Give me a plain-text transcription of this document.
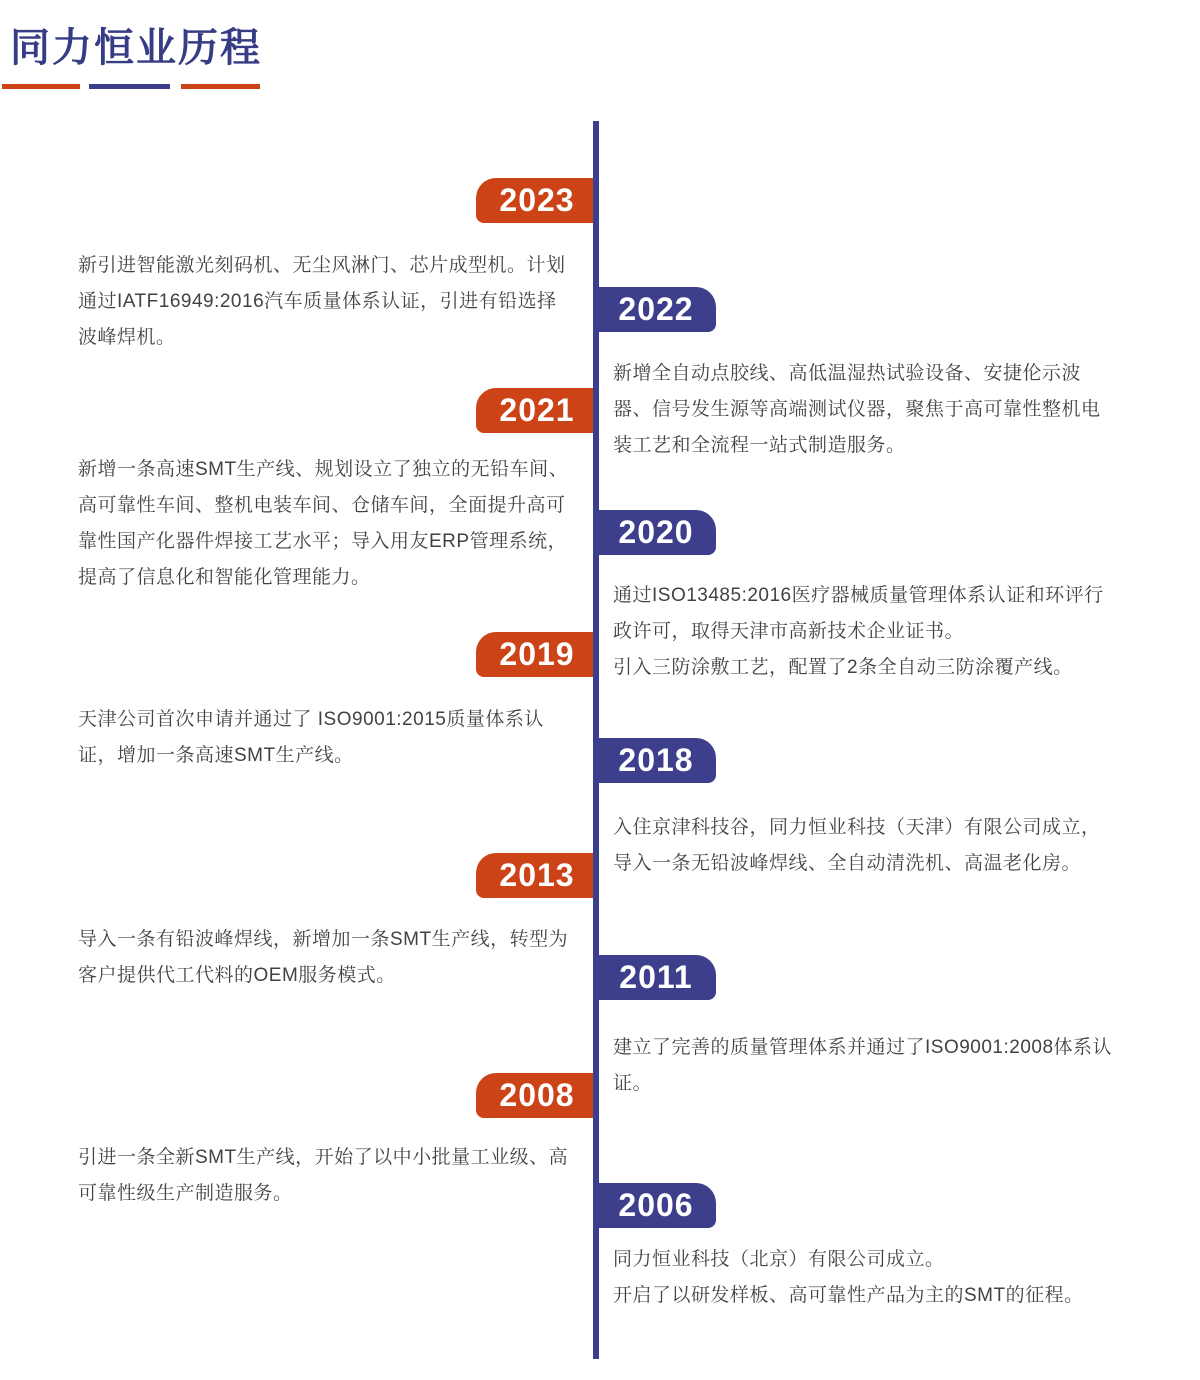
同力恒业历程
2023

新引进智能激光刻码机、无尘风淋门、芯片成型机。计划通过IATF16949:2016汽车质量体系认证，引进有铅选择波峰焊机。

2022

新增全自动点胶线、高低温湿热试验设备、安捷伦示波器、信号发生源等高端测试仪器，聚焦于高可靠性整机电装工艺和全流程一站式制造服务。

2021

新增一条高速SMT生产线、规划设立了独立的无铅车间、高可靠性车间、整机电装车间、仓储车间，全面提升高可靠性国产化器件焊接工艺水平；导入用友ERP管理系统，提高了信息化和智能化管理能力。

2020

通过ISO13485:2016医疗器械质量管理体系认证和环评行政许可，取得天津市高新技术企业证书。

引入三防涂敷工艺，配置了2条全自动三防涂覆产线。

2019

天津公司首次申请并通过了 ISO9001:2015质量体系认证，增加一条高速SMT生产线。	2018

入住京津科技谷，同力恒业科技（天津）有限公司成立，导入一条无铅波峰焊线、全自动清洗机、高温老化房。

2013

导入一条有铅波峰焊线，新增加一条SMT生产线，转型为客户提供代工代料的OEM服务模式。	2011

建立了完善的质量管理体系并通过了ISO9001:2008体系认证。

2008

引进一条全新SMT生产线，开始了以中小批量工业级、高可靠性级生产制造服务。	2006

同力恒业科技（北京）有限公司成立。

开启了以研发样板、高可靠性产品为主的SMT的征程。
